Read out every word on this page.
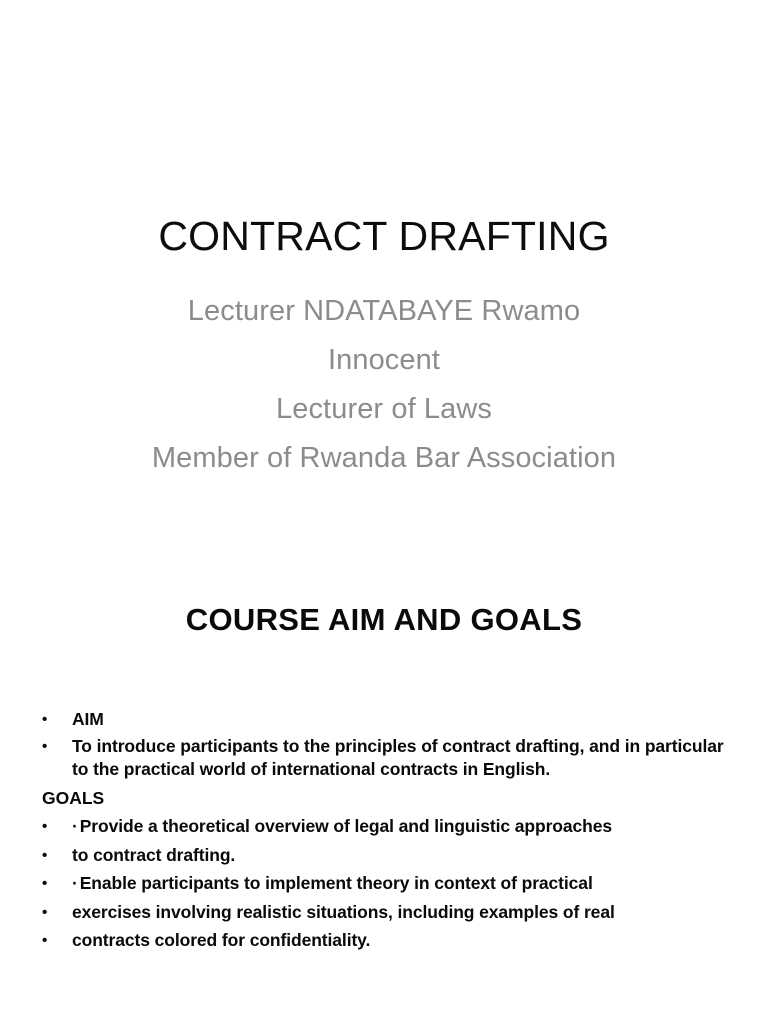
CONTRACT DRAFTING
Lecturer NDATABAYE Rwamo
Innocent
Lecturer of Laws
Member of Rwanda Bar Association
COURSE AIM AND GOALS
•	AIM
•	To introduce participants to the principles of contract drafting, and in particular to the practical world of international contracts in English.
GOALS
•	· Provide a theoretical overview of legal and linguistic approaches
•	to contract drafting.
•	· Enable participants to implement theory in context of practical
•	exercises involving realistic situations, including examples of real
•	contracts colored for confidentiality.
